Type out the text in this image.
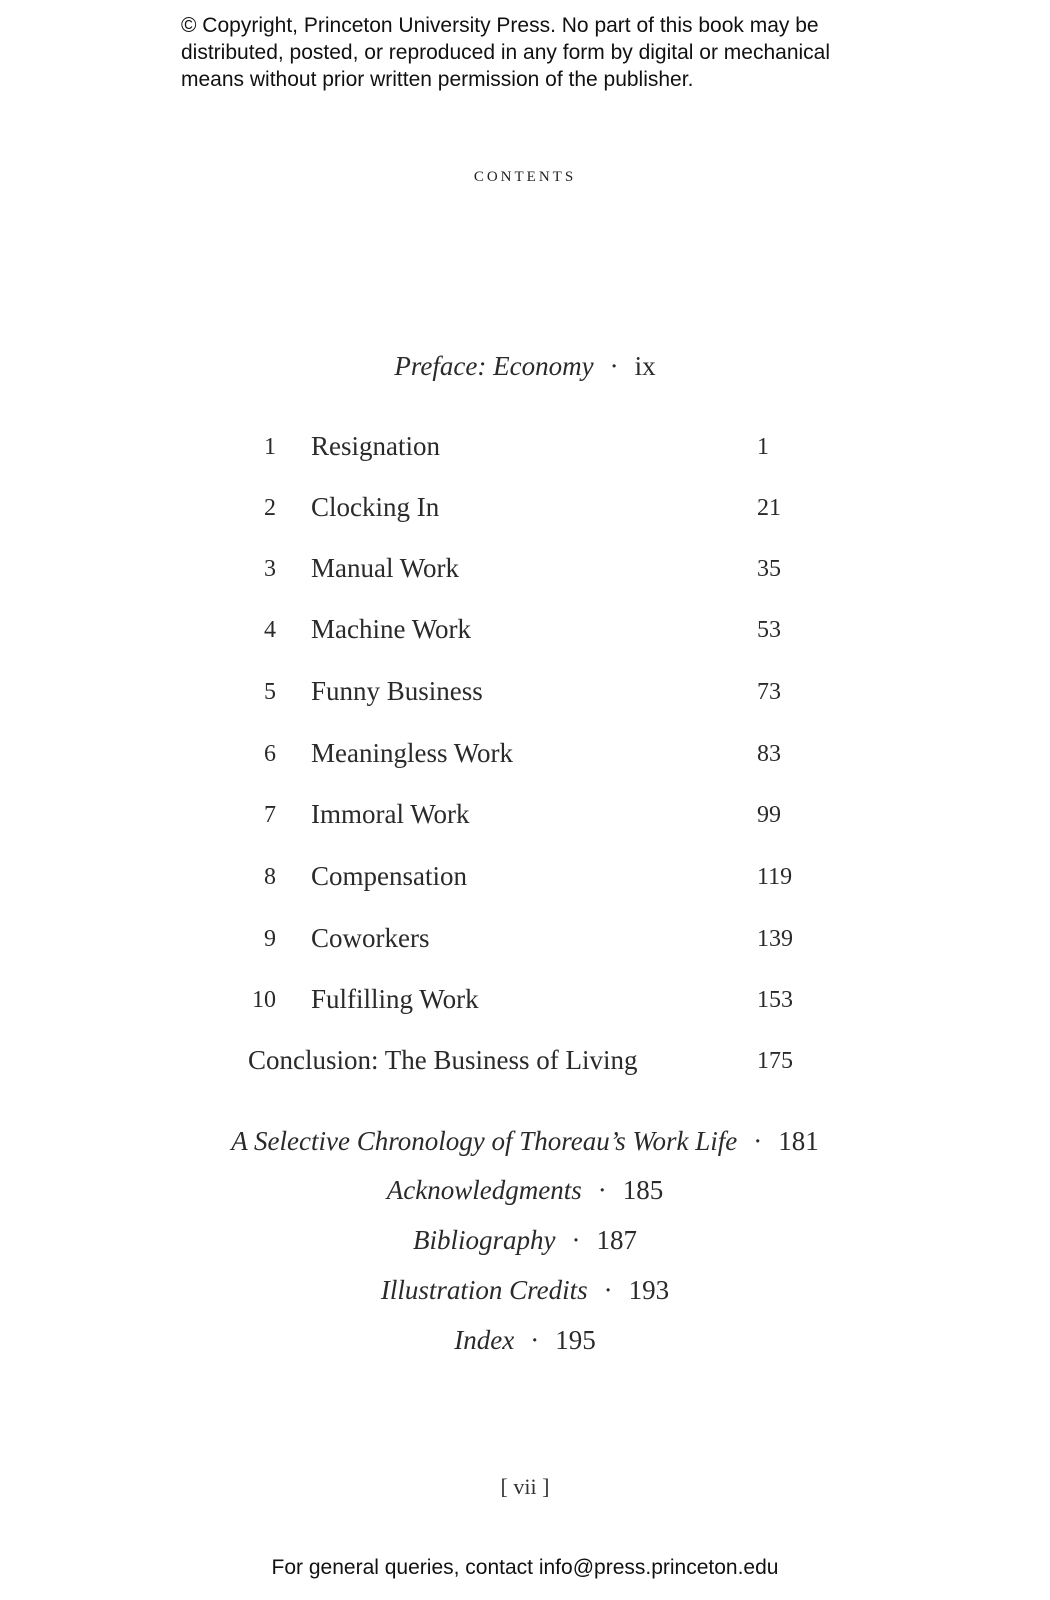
© Copyright, Princeton University Press. No part of this book may be
distributed, posted, or reproduced in any form by digital or mechanical
means without prior written permission of the publisher.
contents
Preface: Economy · ix
1 Resignation	1
2 Clocking In	21
3 Manual Work	35
4 Machine Work	53
5 Funny Business	73
6 Meaningless Work	83
7 Immoral Work	99
8 Compensation	119
9 Coworkers	139
10 Fulfilling Work	153
Conclusion: The Business of Living	175
A Selective Chronology of Thoreau’s Work Life · 181
Acknowledgments · 185
Bibliography · 187
Illustration Credits · 193
Index · 195
[ vii ]
For general queries, contact info@press.princeton.edu
